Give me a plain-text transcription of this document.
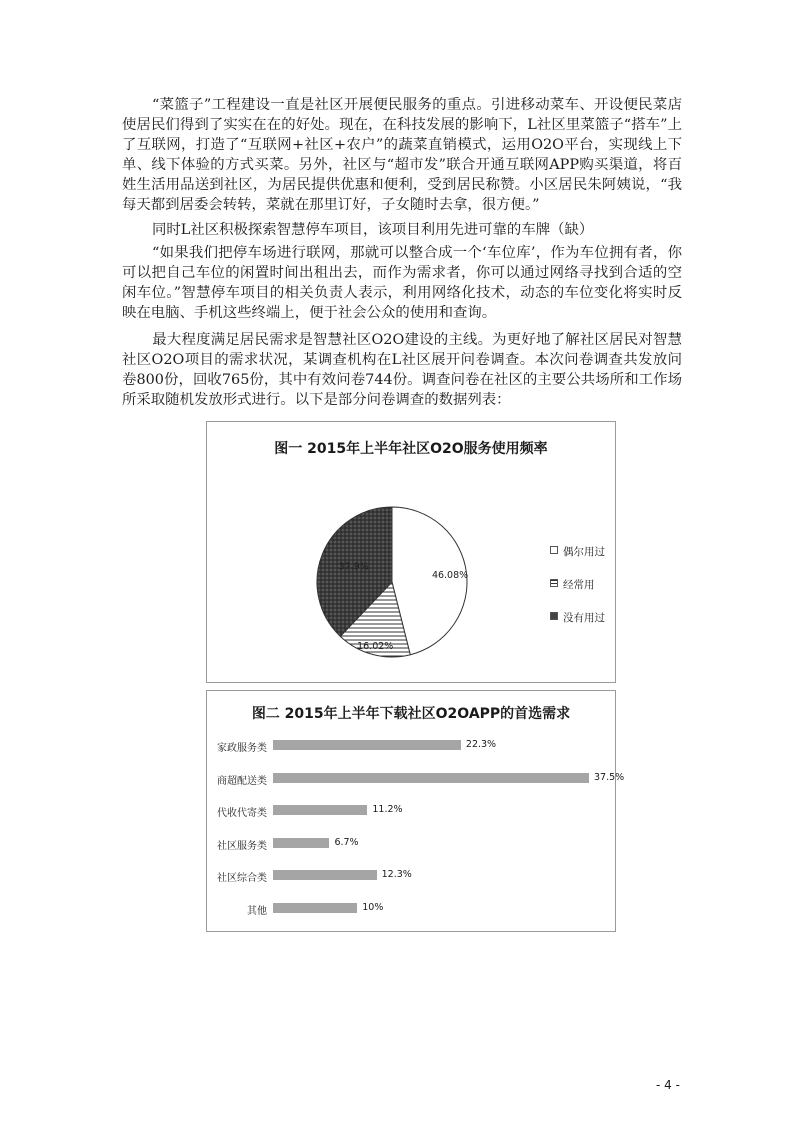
“菜篮子”工程建设一直是社区开展便民服务的重点。引进移动菜车、开设便民菜店使居民们得到了实实在在的好处。现在，在科技发展的影响下，L社区里菜篮子“搭车”上了互联网，打造了“互联网+社区+农户”的蔬菜直销模式，运用O2O平台，实现线上下单、线下体验的方式买菜。另外，社区与“超市发”联合开通互联网APP购买渠道，将百姓生活用品送到社区，为居民提供优惠和便利，受到居民称赞。小区居民朱阿姨说，“我每天都到居委会转转，菜就在那里订好，子女随时去拿，很方便。”

同时L社区积极探索智慧停车项目，该项目利用先进可靠的车牌（缺）

“如果我们把停车场进行联网，那就可以整合成一个‘车位库’，作为车位拥有者，你可以把自己车位的闲置时间出租出去，而作为需求者，你可以通过网络寻找到合适的空闲车位。”智慧停车项目的相关负责人表示，利用网络化技术，动态的车位变化将实时反映在电脑、手机这些终端上，便于社会公众的使用和查询。

最大程度满足居民需求是智慧社区O2O建设的主线。为更好地了解社区居民对智慧社区O2O项目的需求状况，某调查机构在L社区展开问卷调查。本次问卷调查共发放问卷800份，回收765份，其中有效问卷744份。调查问卷在社区的主要公共场所和工作场所采取随机发放形式进行。以下是部分问卷调查的数据列表：

图一 2015年上半年社区O2O服务使用频率
46.08%
16.02%
37.9%
偶尔用过
经常用
没有用过
图二 2015年上半年下载社区O2OAPP的首选需求
家政服务类	22.3%
商超配送类	37.5%
代收代寄类	11.2%
社区服务类	6.7%
社区综合类	12.3%
其他	10%
- 4 -
